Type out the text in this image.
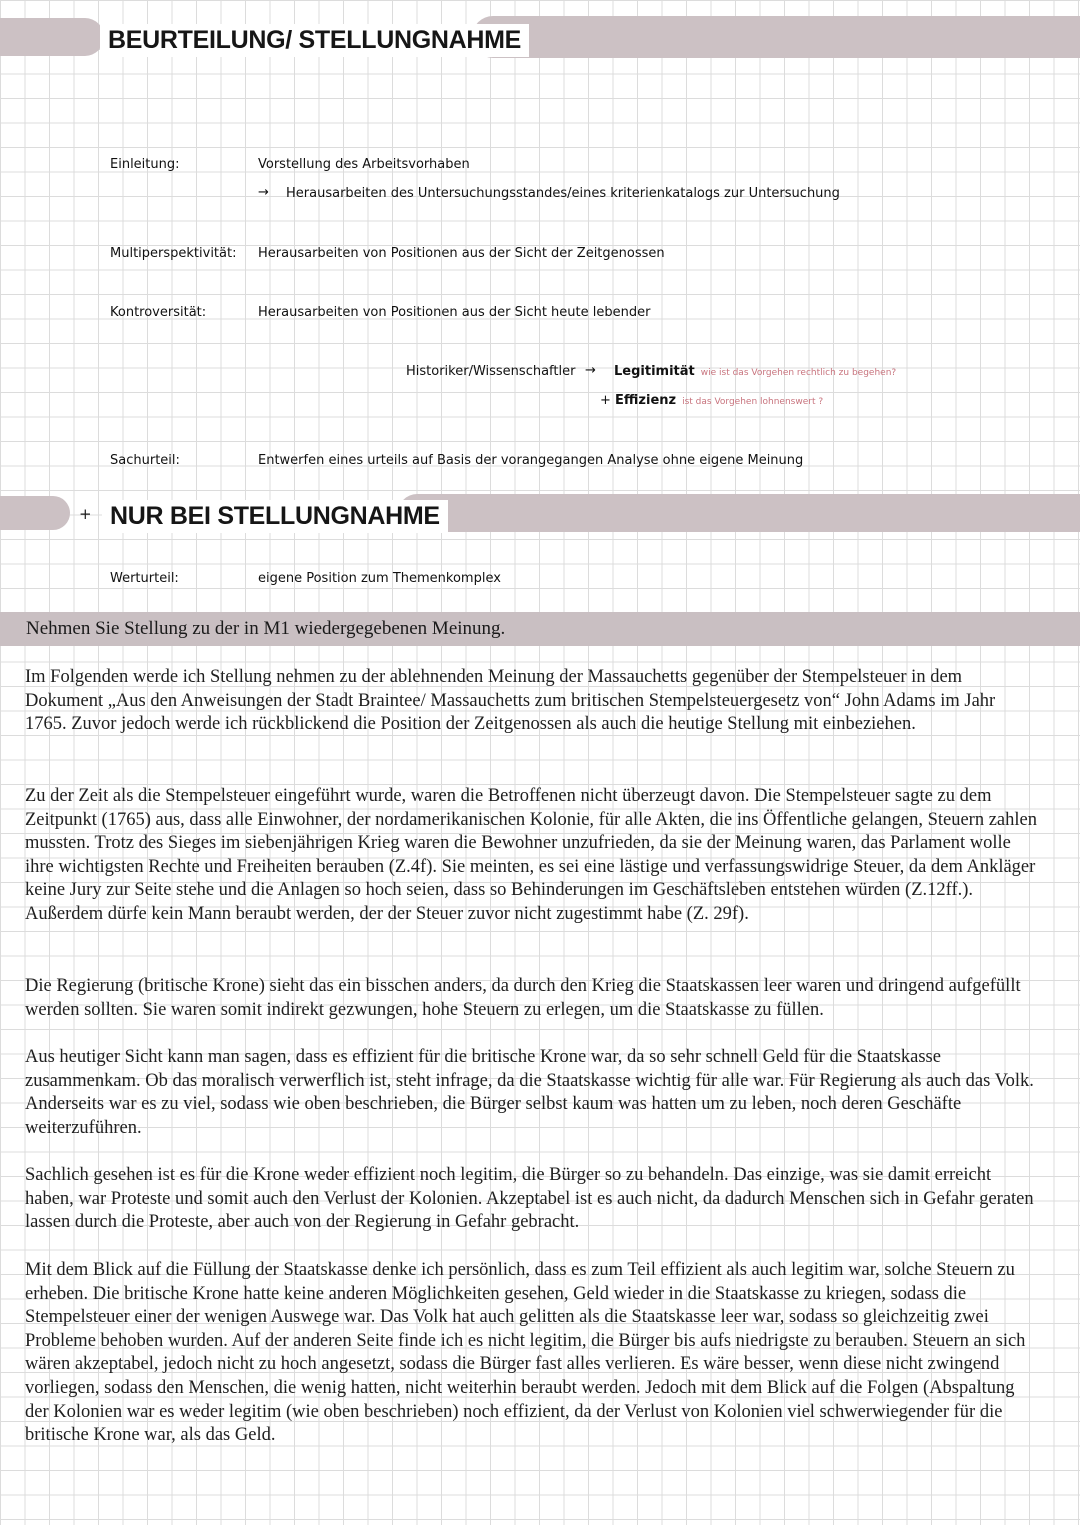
BEURTEILUNG/ STELLUNGNAHME
Einleitung:	Vorstellung des Arbeitsvorhaben
→ Herausarbeiten des Untersuchungsstandes/eines kriterienkatalogs zur Untersuchung
Multiperspektivität: Herausarbeiten von Positionen aus der Sicht der Zeitgenossen
Kontroversität:	Herausarbeiten von Positionen aus der Sicht heute lebender
Historiker/Wissenschaftler → Legitimität wie ist das Vorgehen rechtlich zu begehen?
+ Effizienz ist das Vorgehen lohnenswert ?
Sachurteil:	Entwerfen eines urteils auf Basis der vorangegangen Analyse ohne eigene Meinung
+ NUR BEI STELLUNGNAHME
Werturteil:	eigene Position zum Themenkomplex
Nehmen Sie Stellung zu der in M1 wiedergegebenen Meinung.

Im Folgenden werde ich Stellung nehmen zu der ablehnenden Meinung der Massauchetts gegenüber der Stempelsteuer in dem Dokument „Aus den Anweisungen der Stadt Braintee/ Massauchetts zum britischen Stempelsteuergesetz von“ John Adams im Jahr 1765. Zuvor jedoch werde ich rückblickend die Position der Zeitgenossen als auch die heutige Stellung mit einbeziehen.

Zu der Zeit als die Stempelsteuer eingeführt wurde, waren die Betroffenen nicht überzeugt davon. Die Stempelsteuer sagte zu dem Zeitpunkt (1765) aus, dass alle Einwohner, der nordamerikanischen Kolonie, für alle Akten, die ins Öffentliche gelangen, Steuern zahlen mussten. Trotz des Sieges im siebenjährigen Krieg waren die Bewohner unzufrieden, da sie der Meinung waren, das Parlament wolle ihre wichtigsten Rechte und Freiheiten berauben (Z.4f). Sie meinten, es sei eine lästige und verfassungswidrige Steuer, da dem Ankläger keine Jury zur Seite stehe und die Anlagen so hoch seien, dass so Behinderungen im Geschäftsleben entstehen würden (Z.12ff.). Außerdem dürfe kein Mann beraubt werden, der der Steuer zuvor nicht zugestimmt habe (Z. 29f).

Die Regierung (britische Krone) sieht das ein bisschen anders, da durch den Krieg die Staatskassen leer waren und dringend aufgefüllt werden sollten. Sie waren somit indirekt gezwungen, hohe Steuern zu erlegen, um die Staatskasse zu füllen.

Aus heutiger Sicht kann man sagen, dass es effizient für die britische Krone war, da so sehr schnell Geld für die Staatskasse zusammenkam. Ob das moralisch verwerflich ist, steht infrage, da die Staatskasse wichtig für alle war. Für Regierung als auch das Volk. Anderseits war es zu viel, sodass wie oben beschrieben, die Bürger selbst kaum was hatten um zu leben, noch deren Geschäfte weiterzuführen.

Sachlich gesehen ist es für die Krone weder effizient noch legitim, die Bürger so zu behandeln. Das einzige, was sie damit erreicht haben, war Proteste und somit auch den Verlust der Kolonien. Akzeptabel ist es auch nicht, da dadurch Menschen sich in Gefahr geraten lassen durch die Proteste, aber auch von der Regierung in Gefahr gebracht.

Mit dem Blick auf die Füllung der Staatskasse denke ich persönlich, dass es zum Teil effizient als auch legitim war, solche Steuern zu erheben. Die britische Krone hatte keine anderen Möglichkeiten gesehen, Geld wieder in die Staatskasse zu kriegen, sodass die Stempelsteuer einer der wenigen Auswege war. Das Volk hat auch gelitten als die Staatskasse leer war, sodass so gleichzeitig zwei Probleme behoben wurden. Auf der anderen Seite finde ich es nicht legitim, die Bürger bis aufs niedrigste zu berauben. Steuern an sich wären akzeptabel, jedoch nicht zu hoch angesetzt, sodass die Bürger fast alles verlieren. Es wäre besser, wenn diese nicht zwingend vorliegen, sodass den Menschen, die wenig hatten, nicht weiterhin beraubt werden. Jedoch mit dem Blick auf die Folgen (Abspaltung der Kolonien war es weder legitim (wie oben beschrieben) noch effizient, da der Verlust von Kolonien viel schwerwiegender für die britische Krone war, als das Geld.
